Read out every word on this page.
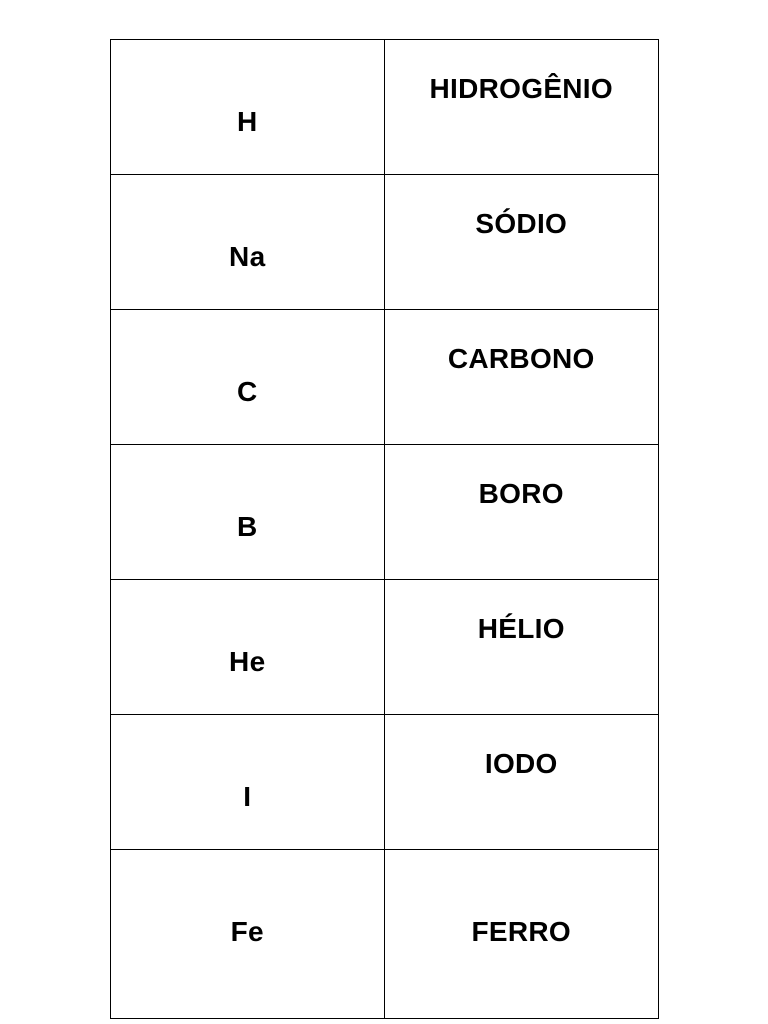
H
HIDROGÊNIO
Na
SÓDIO
C
CARBONO
B
BORO
He
HÉLIO
I
IODO
Fe	FERRO
